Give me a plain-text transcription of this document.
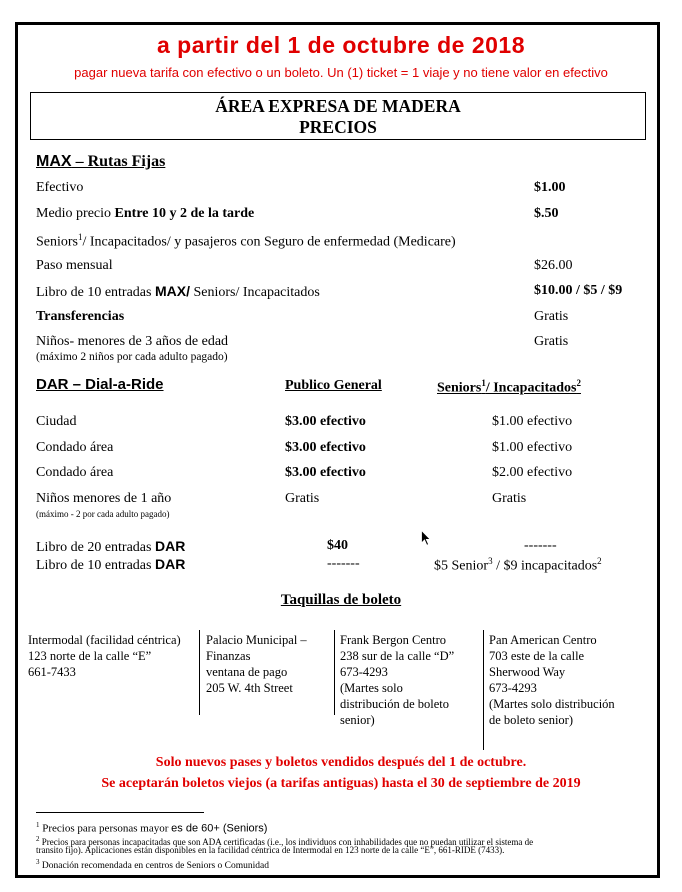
a partir del 1 de octubre de 2018
pagar nueva tarifa con efectivo o un boleto. Un (1) ticket = 1 viaje y no tiene valor en efectivo
ÁREA EXPRESA DE MADERA
PRECIOS
MAX – Rutas Fijas
Efectivo	$1.00
Medio precio Entre 10 y 2 de la tarde	$.50
Seniors$^1$/ Incapacitados/ y pasajeros con Seguro de enfermedad (Medicare)
Paso mensual	$26.00
Libro de 10 entradas MAX/ Seniors/ Incapacitados	$10.00 / $5 / $9
Transferencias	Gratis
Niños- menores de 3 años de edad
(máximo 2 niños por cada adulto pagado)
Gratis
DAR – Dial-a-Ride	Publico General	Seniors$^1$/ Incapacitados$^2$
Ciudad	$3.00 efectivo	$1.00 efectivo
Condado área	$3.00 efectivo	$1.00 efectivo
Condado área	$3.00 efectivo	$2.00 efectivo
Niños menores de 1 año
(máximo - 2 por cada adulto pagado)
Gratis	Gratis
Libro de 20 entradas DAR	$40	-------
Libro de 10 entradas DAR	-------	$5 Senior$^3$ / $9 incapacitados$^2$
Taquillas de boleto
Intermodal (facilidad céntrica)
123 norte de la calle “E”
661-7433
Palacio Municipal –
Finanzas
ventana de pago
205 W. 4th Street
Frank Bergon Centro
238 sur de la calle “D”
673-4293
(Martes solo
distribución de boleto
senior)
Pan American Centro
703 este de la calle
Sherwood Way
673-4293
(Martes solo distribución
de boleto senior)
Solo nuevos pases y boletos vendidos después del 1 de octubre.
Se aceptarán boletos viejos (a tarifas antiguas) hasta el 30 de septiembre de 2019
$^1$ Precios para personas mayor es de 60+ (Seniors)
$^2$ Precios para personas incapacitadas que son ADA certificadas (i.e., los individuos con inhabilidades que no puedan utilizar el sistema de
transito fijo). Aplicaciones están disponibles en la facilidad céntrica de Intermodal en 123 norte de la calle “E”, 661-RIDE (7433).
$^3$ Donación recomendada en centros de Seniors o Comunidad
